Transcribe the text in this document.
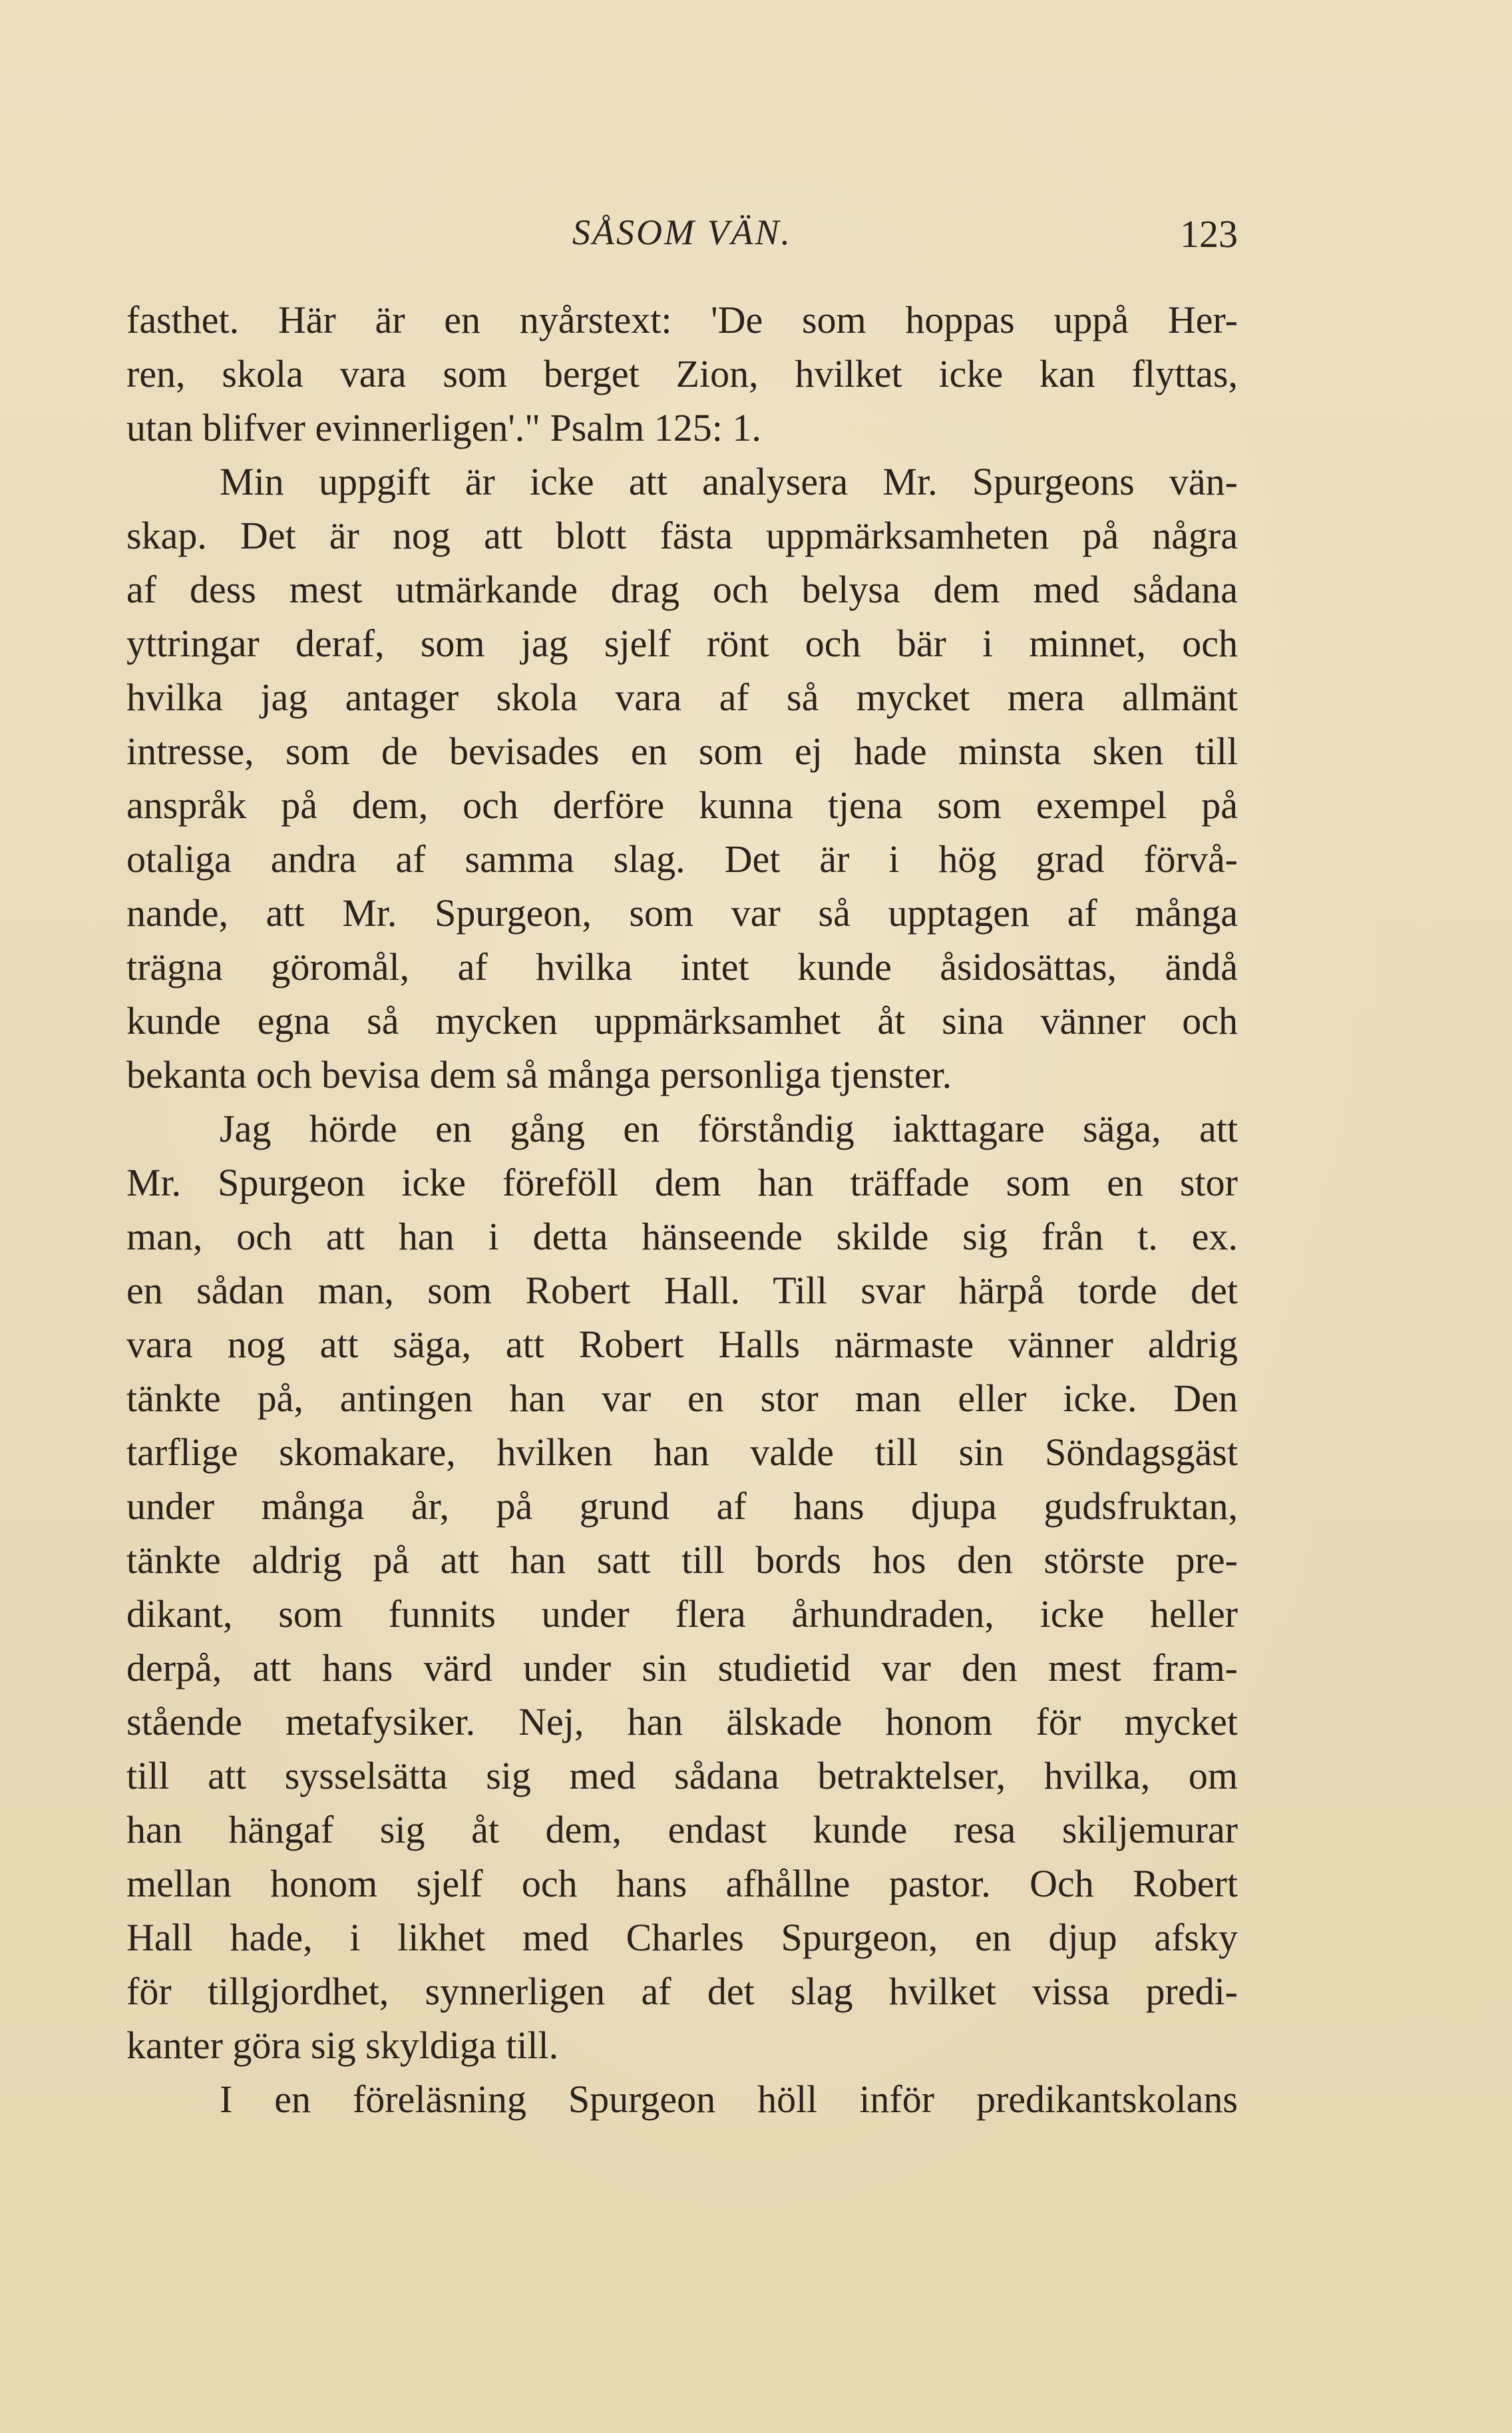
SÅSOM VÄN.	123
fasthet. Här är en nyårstext: 'De som hoppas uppå Her-
ren, skola vara som berget Zion, hvilket icke kan flyttas,
utan blifver evinnerligen'." Psalm 125: 1.
Min uppgift är icke att analysera Mr. Spurgeons vän-
skap. Det är nog att blott fästa uppmärksamheten på några
af dess mest utmärkande drag och belysa dem med sådana
yttringar deraf, som jag sjelf rönt och bär i minnet, och
hvilka jag antager skola vara af så mycket mera allmänt
intresse, som de bevisades en som ej hade minsta sken till
anspråk på dem, och derföre kunna tjena som exempel på
otaliga andra af samma slag. Det är i hög grad förvå-
nande, att Mr. Spurgeon, som var så upptagen af många
trägna göromål, af hvilka intet kunde åsidosättas, ändå
kunde egna så mycken uppmärksamhet åt sina vänner och
bekanta och bevisa dem så många personliga tjenster.
Jag hörde en gång en förståndig iakttagare säga, att
Mr. Spurgeon icke föreföll dem han träffade som en stor
man, och att han i detta hänseende skilde sig från t. ex.
en sådan man, som Robert Hall. Till svar härpå torde det
vara nog att säga, att Robert Halls närmaste vänner aldrig
tänkte på, antingen han var en stor man eller icke. Den
tarflige skomakare, hvilken han valde till sin Söndagsgäst
under många år, på grund af hans djupa gudsfruktan,
tänkte aldrig på att han satt till bords hos den störste pre-
dikant, som funnits under flera århundraden, icke heller
derpå, att hans värd under sin studietid var den mest fram-
stående metafysiker. Nej, han älskade honom för mycket
till att sysselsätta sig med sådana betraktelser, hvilka, om
han hängaf sig åt dem, endast kunde resa skiljemurar
mellan honom sjelf och hans afhållne pastor. Och Robert
Hall hade, i likhet med Charles Spurgeon, en djup afsky
för tillgjordhet, synnerligen af det slag hvilket vissa predi-
kanter göra sig skyldiga till.
I en föreläsning Spurgeon höll inför predikantskolans
